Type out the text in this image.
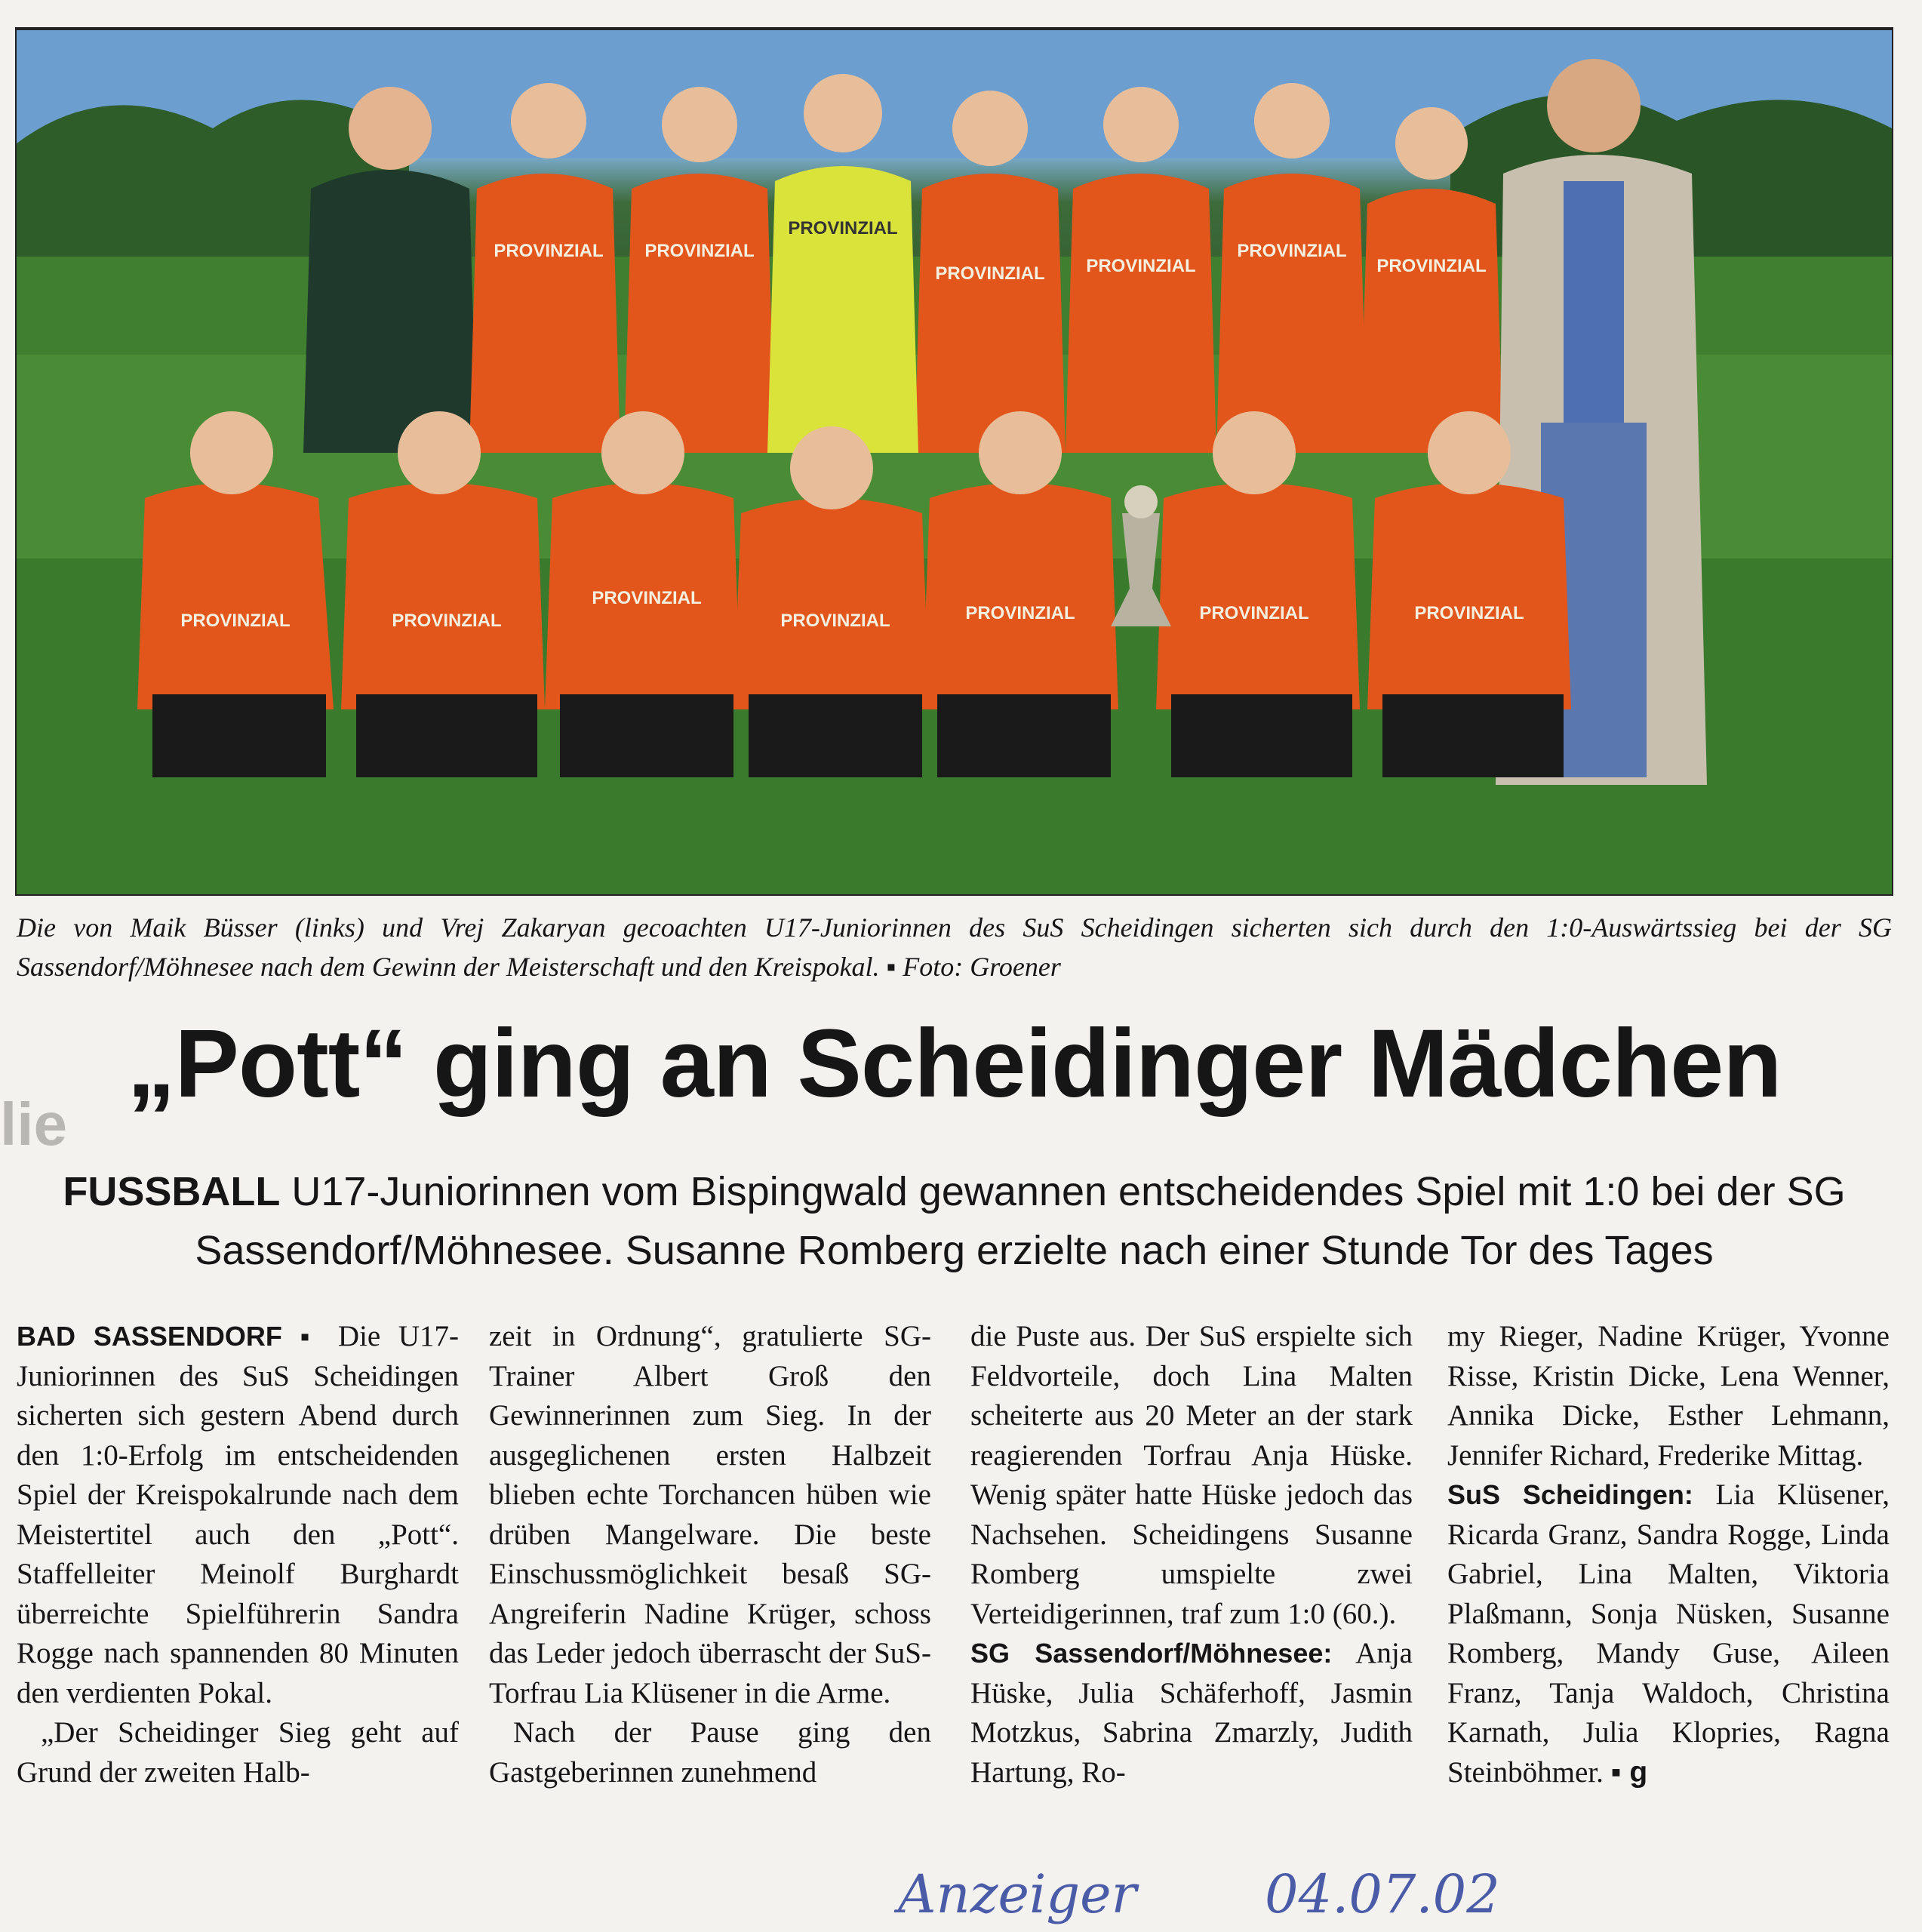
lie
PROVINZIAL PROVINZIAL
PROVINZIAL
PROVINZIAL PROVINZIAL
PROVINZIAL
PROVINZIAL
PROVINZIAL	PROVINZIAL
PROVINZIAL
PROVINZIAL	PROVINZIAL	PROVINZIAL	PROVINZIAL
Die von Maik Büsser (links) und Vrej Zakaryan gecoachten U17-Juniorinnen des SuS Scheidingen sicherten sich durch den 1:0-Auswärtssieg bei der SG Sassendorf/Möhnesee nach dem Gewinn der Meisterschaft und den Kreispokal. ▪ Foto: Groener
„Pott“ ging an Scheidinger Mädchen
FUSSBALL U17-Juniorinnen vom Bispingwald gewannen entscheidendes Spiel mit 1:0 bei der SG Sassendorf/Möhnesee. Susanne Romberg erzielte nach einer Stunde Tor des Tages

BAD SASSENDORF ▪ Die U17-Juniorinnen des SuS Scheidingen sicherten sich gestern Abend durch den 1:0-Erfolg im entscheidenden Spiel der Kreispokalrunde nach dem Meistertitel auch den „Pott“. Staffelleiter Meinolf Burghardt überreichte Spielführerin Sandra Rogge nach spannenden 80 Minuten den verdienten Pokal.

„Der Scheidinger Sieg geht auf Grund der zweiten Halb-

zeit in Ordnung“, gratulierte SG-Trainer Albert Groß den Gewinnerinnen zum Sieg. In der ausgeglichenen ersten Halbzeit blieben echte Torchancen hüben wie drüben Mangelware. Die beste Einschussmöglichkeit besaß SG-Angreiferin Nadine Krüger, schoss das Leder jedoch überrascht der SuS-Torfrau Lia Klüsener in die Arme.

Nach der Pause ging den Gastgeberinnen zunehmend

die Puste aus. Der SuS erspielte sich Feldvorteile, doch Lina Malten scheiterte aus 20 Meter an der stark reagierenden Torfrau Anja Hüske. Wenig später hatte Hüske jedoch das Nachsehen. Scheidingens Susanne Romberg umspielte zwei Verteidigerinnen, traf zum 1:0 (60.).

SG Sassendorf/Möhnesee: Anja Hüske, Julia Schäferhoff, Jasmin Motzkus, Sabrina Zmarzly, Judith Hartung, Ro-

my Rieger, Nadine Krüger, Yvonne Risse, Kristin Dicke, Lena Wenner, Annika Dicke, Esther Lehmann, Jennifer Richard, Frederike Mittag.

SuS Scheidingen: Lia Klüsener, Ricarda Granz, Sandra Rogge, Linda Gabriel, Lina Malten, Viktoria Plaßmann, Sonja Nüsken, Susanne Romberg, Mandy Guse, Aileen Franz, Tanja Waldoch, Christina Karnath, Julia Klopries, Ragna Steinböhmer. ▪ g

Anzeiger 04.07.02
